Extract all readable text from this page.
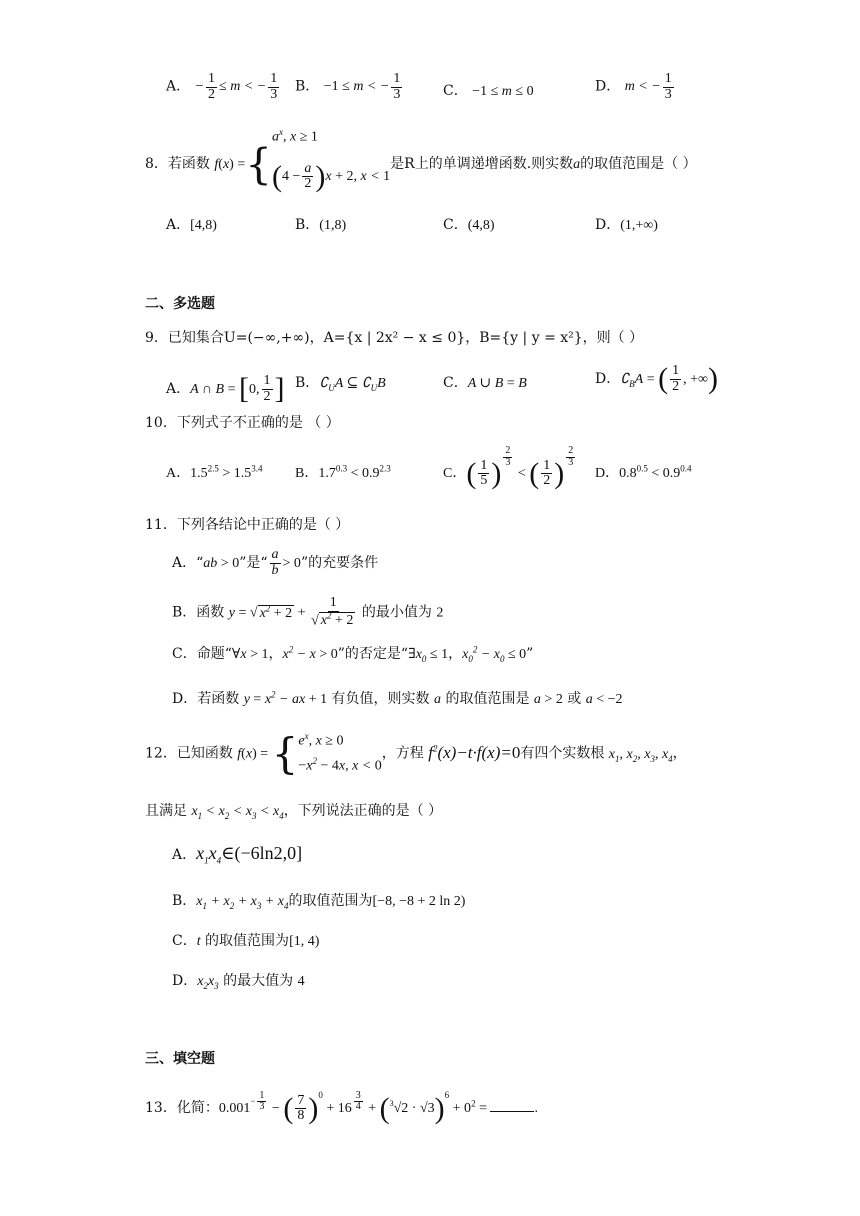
A． − $\frac{1}{2} \le m$ < − $\frac{1}{3}$ B． −1 ≤ m < − $\frac{1}{3}$	C． −1 ≤ m ≤ 0	D． m < − $\frac{1}{3}$
8．若函数 f(x) ={
$a^x$, x ≥ 1
$(4 - \frac{a}{2} )x + 2$, x < 1
是R上的单调递增函数.则实数a的取值范围是（ ）
A．[4,8)	B．(1,8)	C．(4,8)	D．(1,+∞)
二、多选题
9．已知集合U=(−∞,+∞)，A={x | 2x² − x ≤ 0}，B={y | y = x²}，则（ ）
A．A ∩ B = [0, $\frac{1}{2}$ ] B．$∁_UA$ ⊆ $∁_UB$	C．A ∪ B = B	D．$∁_BA$ = ( $\frac{1}{2}$ , +∞)
10．下列式子不正确的是 （ ）
A．$1.5^{2.5} > 1.5^{3.4}$ B．$1.7^{0.3} < 0.9^{2.3}$	C．( $\frac{1}{5}$ ) $^{\frac{2}{3}}$
< ( $\frac{1}{2}$ ) $^{\frac{2}{3}}$
D．$0.8^{0.5} < 0.9^{0.4}$
11．下列各结论中正确的是（ ）
A．“ab > 0”是“ $\frac{a}{b} > 0$”的充要条件
B．函数 y = √ $x^2 + 2 + \frac{1}{√ x^2 + 2}$ 的最小值为 2
C．命题“∀x > 1，$x^2 - x > 0$”的否定是“$\exists x_0 \le 1$，$x_0^2 - x_0 \le 0$”
D．若函数 $y = x^2$ − ax + 1 有负值，则实数 a 的取值范围是 a > 2 或 a < −2
12．已知函数 f(x) = { $e^x$, x ≥ 0
$-x^2 - 4x$, x < 0
，方程 $f^2(x)-t\cdot f(x)=0$有四个实数根 $x_1$, $x_2$, $x_3$, $x_4$，
且满足 $x_1 < x_2 < x_3 < x_4$，下列说法正确的是（ ）
A．$x_1x_4\in(-6\ln 2,0]$
B．$x_1 + x_2 + x_3 + x_4$的取值范围为[−8, −8 + 2 ln 2)
C．t 的取值范围为[1, 4)
D．$x_2x_3$ 的最大值为 4
三、填空题
13．化简：$0.001^{- \frac{1}{3}}$ − ( $\frac{7}{8} )^0 + 16$ $^{\frac{3}{4}} + (^3√2 \cdot √3)^6 + 0^2$ =	.
